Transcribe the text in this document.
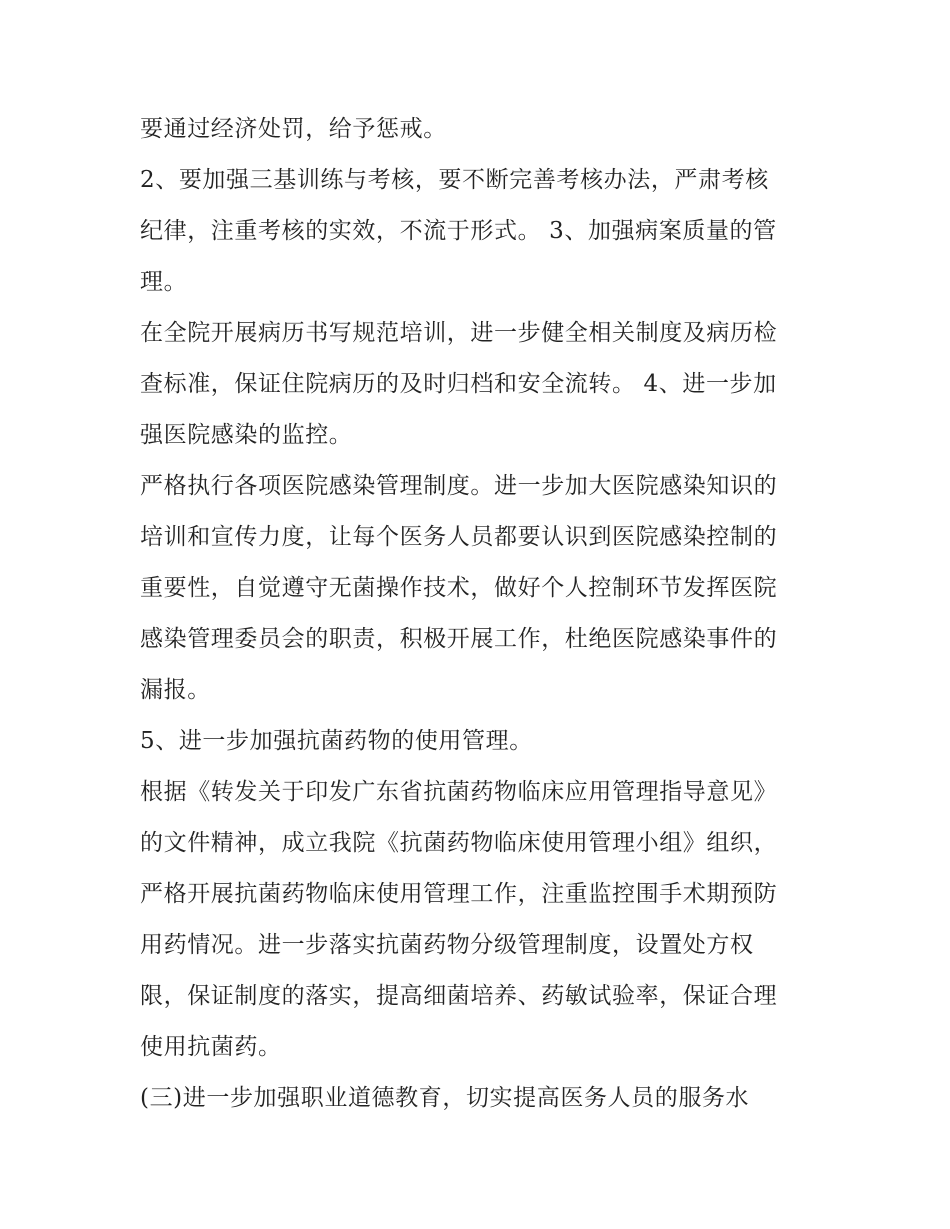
要通过经济处罚，给予惩戒。
2、要加强三基训练与考核，要不断完善考核办法，严肃考核
纪律，注重考核的实效，不流于形式。 3、加强病案质量的管
理。
在全院开展病历书写规范培训，进一步健全相关制度及病历检
查标准，保证住院病历的及时归档和安全流转。 4、进一步加
强医院感染的监控。
严格执行各项医院感染管理制度。进一步加大医院感染知识的
培训和宣传力度，让每个医务人员都要认识到医院感染控制的
重要性，自觉遵守无菌操作技术，做好个人控制环节发挥医院
感染管理委员会的职责，积极开展工作，杜绝医院感染事件的
漏报。
5、进一步加强抗菌药物的使用管理。
根据《转发关于印发广东省抗菌药物临床应用管理指导意见》
的文件精神，成立我院《抗菌药物临床使用管理小组》组织，
严格开展抗菌药物临床使用管理工作，注重监控围手术期预防
用药情况。进一步落实抗菌药物分级管理制度，设置处方权
限，保证制度的落实，提高细菌培养、药敏试验率，保证合理
使用抗菌药。
(三)进一步加强职业道德教育，切实提高医务人员的服务水
